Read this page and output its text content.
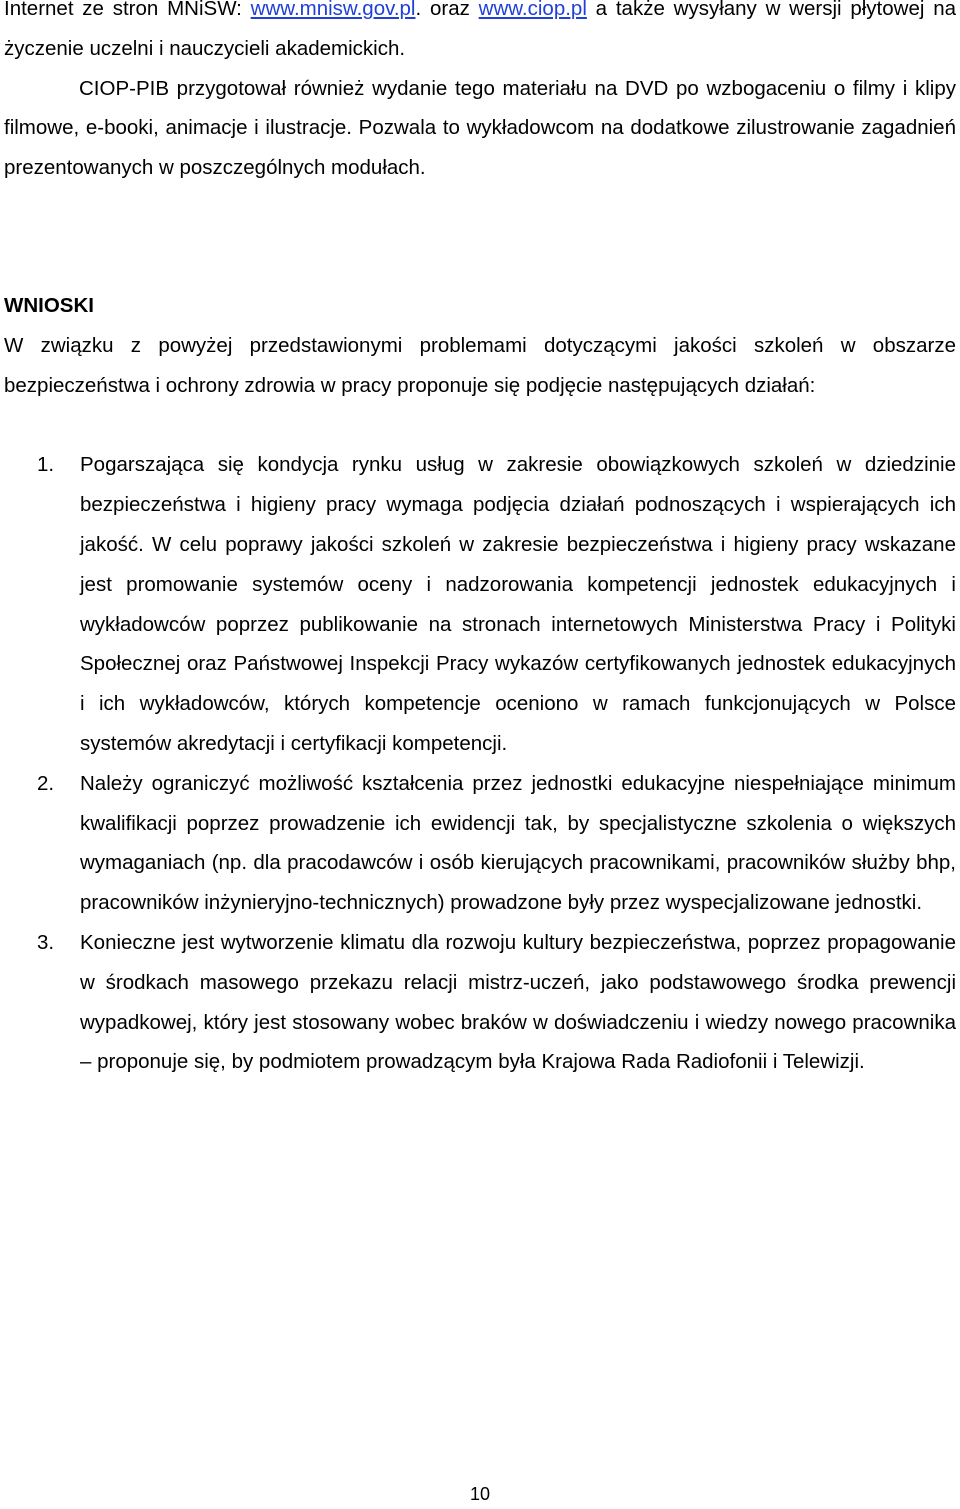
Internet ze stron MNiSW: www.mnisw.gov.pl. oraz www.ciop.pl a także wysyłany w wersji płytowej na życzenie uczelni i nauczycieli akademickich.

CIOP-PIB przygotował również wydanie tego materiału na DVD po wzbogaceniu o filmy i klipy filmowe, e-booki, animacje i ilustracje. Pozwala to wykładowcom na dodatkowe zilustrowanie zagadnień prezentowanych w poszczególnych modułach.

WNIOSKI

W związku z powyżej przedstawionymi problemami dotyczącymi jakości szkoleń w obszarze bezpieczeństwa i ochrony zdrowia w pracy proponuje się podjęcie następujących działań:

1. Pogarszająca się kondycja rynku usług w zakresie obowiązkowych szkoleń w dziedzinie bezpieczeństwa i higieny pracy wymaga podjęcia działań podnoszących i wspierających ich jakość. W celu poprawy jakości szkoleń w zakresie bezpieczeństwa i higieny pracy wskazane jest promowanie systemów oceny i nadzorowania kompetencji jednostek edukacyjnych i wykładowców poprzez publikowanie na stronach internetowych Ministerstwa Pracy i Polityki Społecznej oraz Państwowej Inspekcji Pracy wykazów certyfikowanych jednostek edukacyjnych i ich wykładowców, których kompetencje oceniono w ramach funkcjonujących w Polsce systemów akredytacji i certyfikacji kompetencji.
2. Należy ograniczyć możliwość kształcenia przez jednostki edukacyjne niespełniające minimum kwalifikacji poprzez prowadzenie ich ewidencji tak, by specjalistyczne szkolenia o większych wymaganiach (np. dla pracodawców i osób kierujących pracownikami, pracowników służby bhp, pracowników inżynieryjno-technicznych) prowadzone były przez wyspecjalizowane jednostki.
3. Konieczne jest wytworzenie klimatu dla rozwoju kultury bezpieczeństwa, poprzez propagowanie w środkach masowego przekazu relacji mistrz-uczeń, jako podstawowego środka prewencji wypadkowej, który jest stosowany wobec braków w doświadczeniu i wiedzy nowego pracownika – proponuje się, by podmiotem prowadzącym była Krajowa Rada Radiofonii i Telewizji.
10
